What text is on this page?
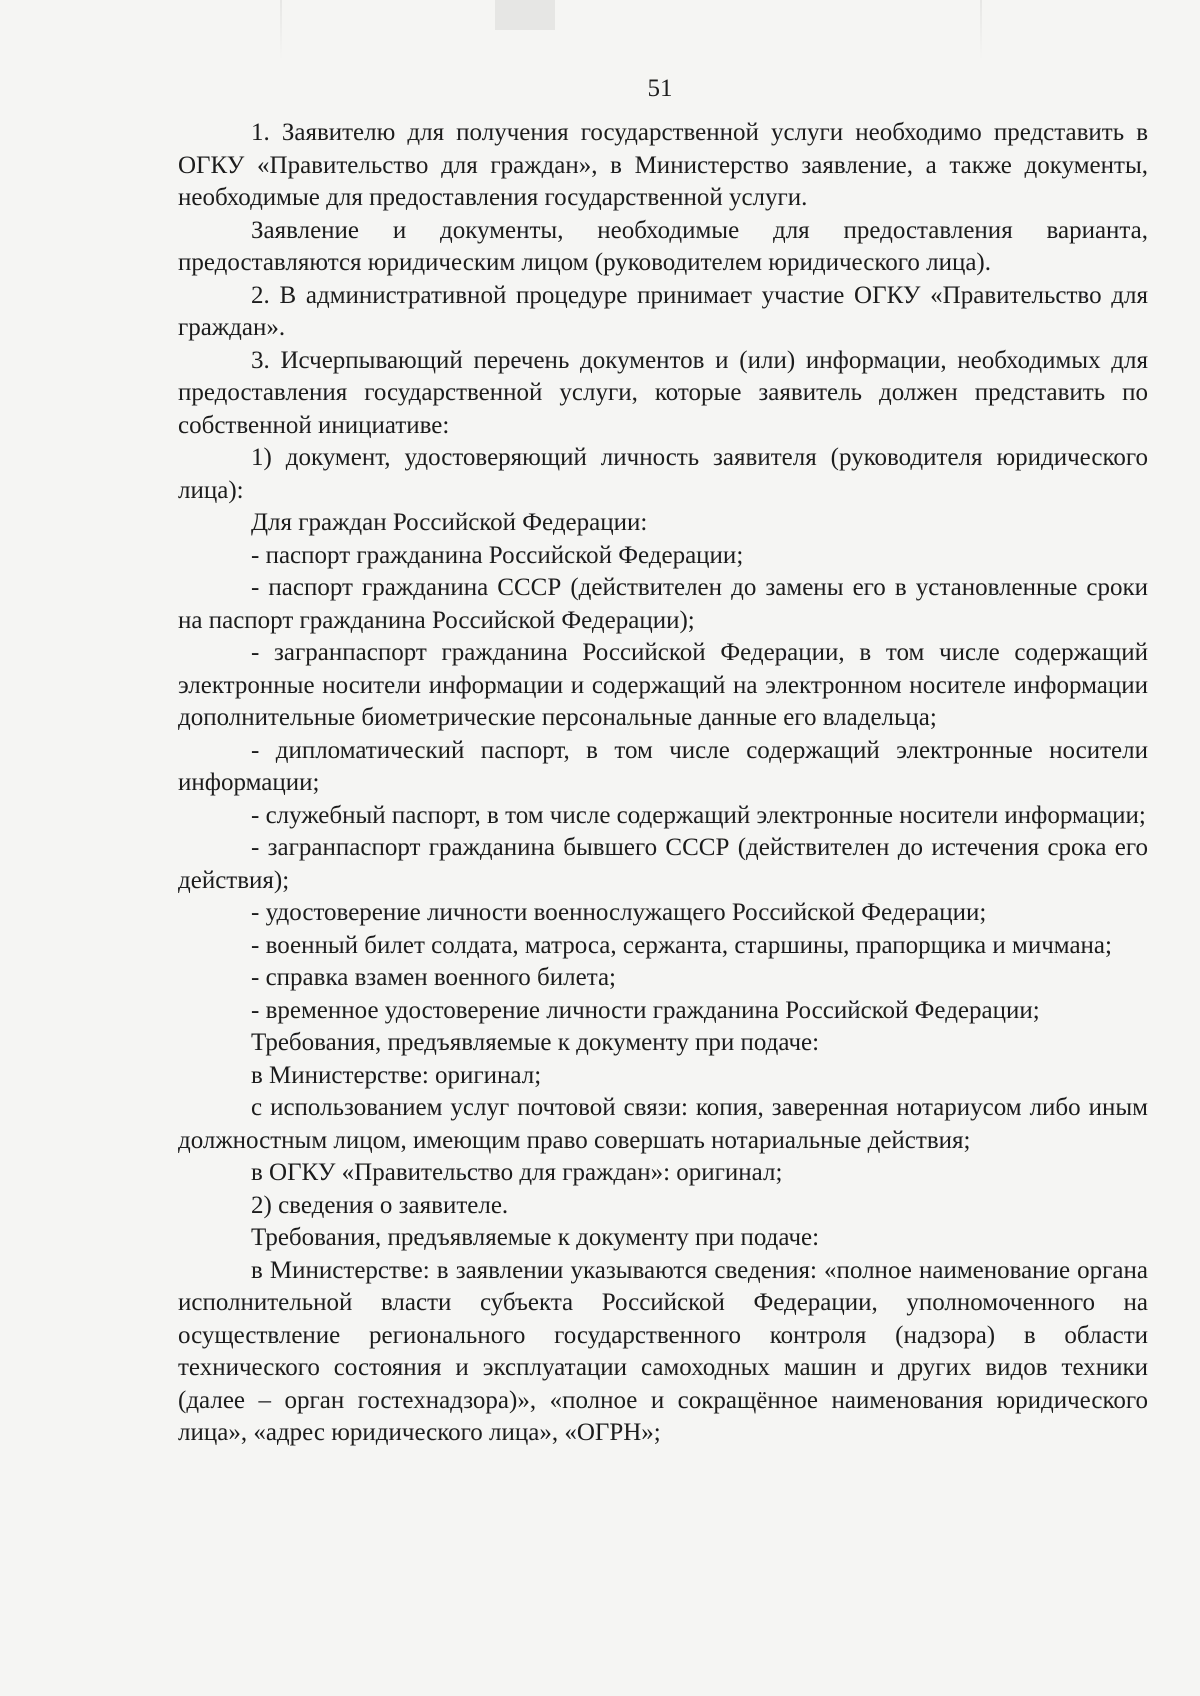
51

1. Заявителю для получения государственной услуги необходимо представить в ОГКУ «Правительство для граждан», в Министерство заявление, а также документы, необходимые для предоставления государственной услуги.

Заявление и документы, необходимые для предоставления варианта, предоставляются юридическим лицом (руководителем юридического лица).

2. В административной процедуре принимает участие ОГКУ «Правительство для граждан».

3. Исчерпывающий перечень документов и (или) информации, необходимых для предоставления государственной услуги, которые заявитель должен представить по собственной инициативе:

1) документ, удостоверяющий личность заявителя (руководителя юридического лица):

Для граждан Российской Федерации:

- паспорт гражданина Российской Федерации;

- паспорт гражданина СССР (действителен до замены его в установленные сроки на паспорт гражданина Российской Федерации);

- загранпаспорт гражданина Российской Федерации, в том числе содержащий электронные носители информации и содержащий на электронном носителе информации дополнительные биометрические персональные данные его владельца;

- дипломатический паспорт, в том числе содержащий электронные носители информации;

- служебный паспорт, в том числе содержащий электронные носители информации;

- загранпаспорт гражданина бывшего СССР (действителен до истечения срока его действия);

- удостоверение личности военнослужащего Российской Федерации;

- военный билет солдата, матроса, сержанта, старшины, прапорщика и мичмана;

- справка взамен военного билета;

- временное удостоверение личности гражданина Российской Федерации;

Требования, предъявляемые к документу при подаче:

в Министерстве: оригинал;

с использованием услуг почтовой связи: копия, заверенная нотариусом либо иным должностным лицом, имеющим право совершать нотариальные действия;

в ОГКУ «Правительство для граждан»: оригинал;

2) сведения о заявителе.

Требования, предъявляемые к документу при подаче:

в Министерстве: в заявлении указываются сведения: «полное наименование органа исполнительной власти субъекта Российской Федерации, уполномоченного на осуществление регионального государственного контроля (надзора) в области технического состояния и эксплуатации самоходных машин и других видов техники (далее – орган гостехнадзора)», «полное и сокращённое наименования юридического лица», «адрес юридического лица», «ОГРН»;
